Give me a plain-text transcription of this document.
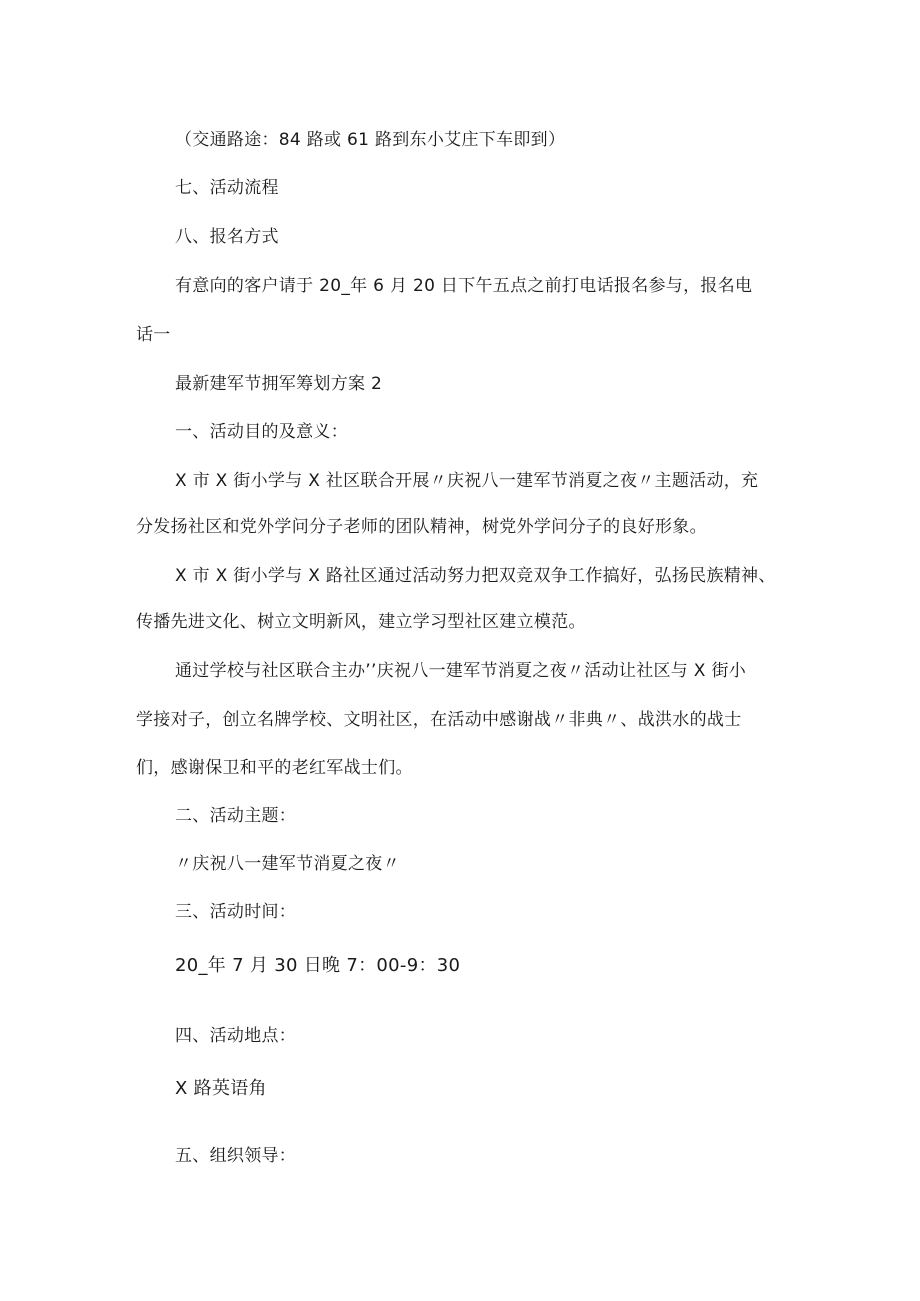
（交通路途：84 路或 61 路到东小艾庄下车即到）
七、活动流程
八、报名方式
有意向的客户请于 20_年 6 月 20 日下午五点之前打电话报名参与，报名电
话一
最新建军节拥军筹划方案 2
一、活动目的及意义：
X 市 X 街小学与 X 社区联合开展〃庆祝八一建军节消夏之夜〃主题活动，充
分发扬社区和党外学问分子老师的团队精神，树党外学问分子的良好形象。
X 市 X 街小学与 X 路社区通过活动努力把双竞双争工作搞好，弘扬民族精神、
传播先进文化、树立文明新风，建立学习型社区建立模范。
通过学校与社区联合主办’’庆祝八一建军节消夏之夜〃活动让社区与 X 街小
学接对子，创立名牌学校、文明社区，在活动中感谢战〃非典〃、战洪水的战士
们，感谢保卫和平的老红军战士们。
二、活动主题：
〃庆祝八一建军节消夏之夜〃
三、活动时间：
20_年 7 月 30 日晚 7：00-9：30
四、活动地点：
X 路英语角
五、组织领导：
